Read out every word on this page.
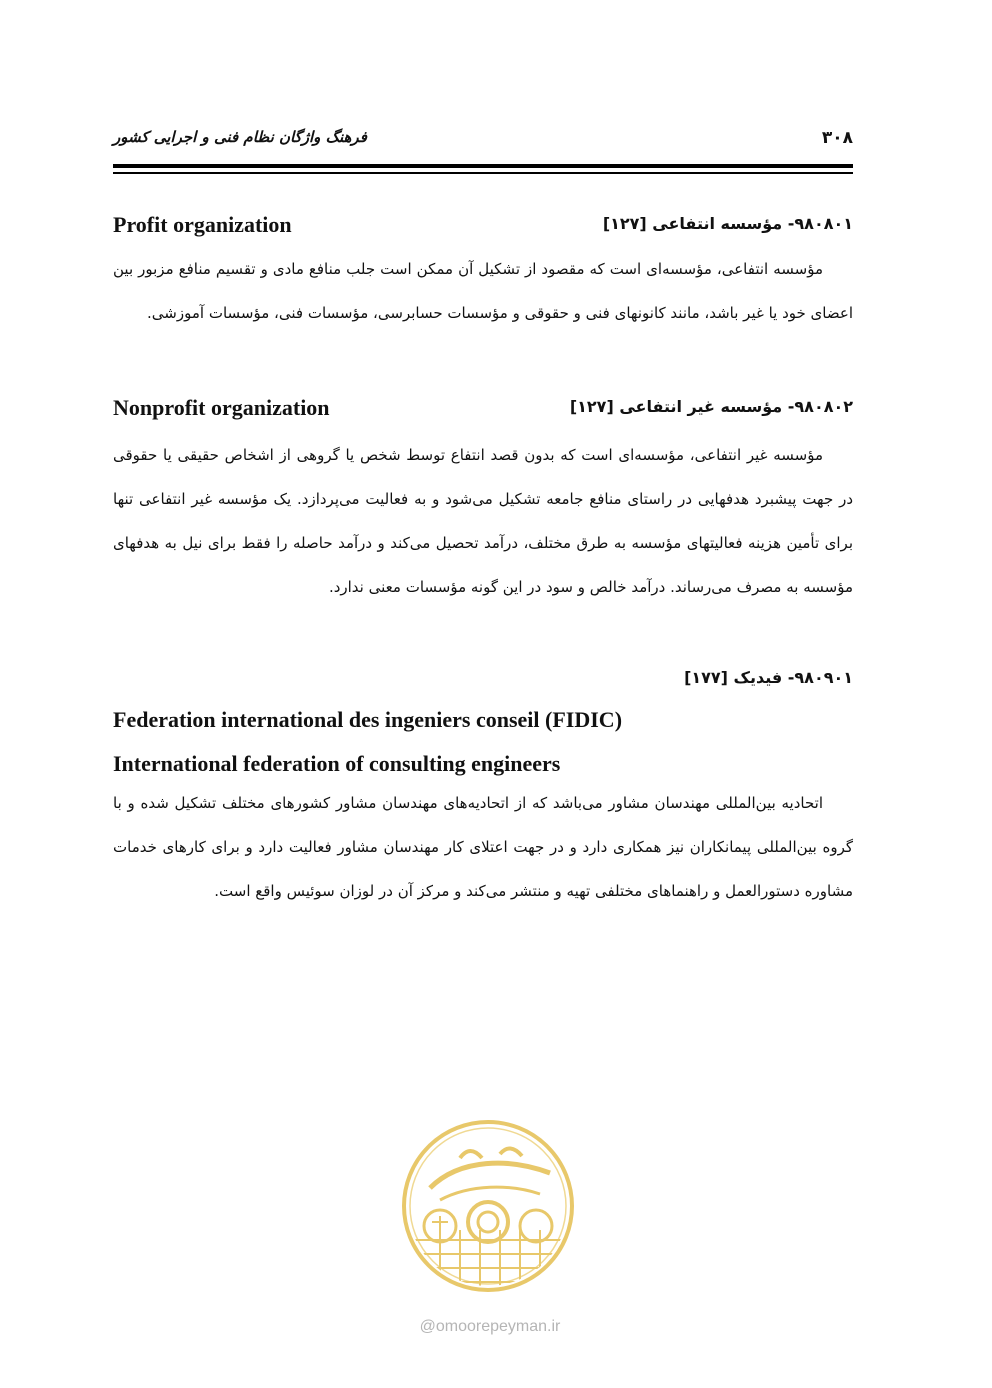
فرهنگ واژگان نظام فنی و اجرایی کشور	۳۰۸
Profit organization	۹۸۰۸۰۱- مؤسسه انتفاعی [۱۲۷]
مؤسسه انتفاعی، مؤسسه‌ای است که مقصود از تشکیل آن ممکن است جلب منافع مادی و تقسیم منافع مزبور بین اعضای خود یا غیر باشد، مانند کانونهای فنی و حقوقی و مؤسسات حسابرسی، مؤسسات فنی، مؤسسات آموزشی.
Nonprofit organization	۹۸۰۸۰۲- مؤسسه غیر انتفاعی [۱۲۷]
مؤسسه غیر انتفاعی، مؤسسه‌ای است که بدون قصد انتفاع توسط شخص یا گروهی از اشخاص حقیقی یا حقوقی در جهت پیشبرد هدفهایی در راستای منافع جامعه تشکیل می‌شود و به فعالیت می‌پردازد. یک مؤسسه غیر انتفاعی تنها برای تأمین هزینه فعالیتهای مؤسسه به طرق مختلف، درآمد تحصیل می‌کند و درآمد حاصله را فقط برای نیل به هدفهای مؤسسه به مصرف می‌رساند. درآمد خالص و سود در این گونه مؤسسات معنی ندارد.
۹۸۰۹۰۱- فیدیک [۱۷۷]
Federation international des ingeniers conseil (FIDIC)
International federation of consulting engineers
اتحادیه بین‌المللی مهندسان مشاور می‌باشد که از اتحادیه‌های مهندسان مشاور کشورهای مختلف تشکیل شده و با گروه بین‌المللی پیمانکاران نیز همکاری دارد و در جهت اعتلای کار مهندسان مشاور فعالیت دارد و برای کارهای خدمات مشاوره دستورالعمل و راهنماهای مختلفی تهیه و منتشر می‌کند و مرکز آن در لوزان سوئیس واقع است.
@omoorepeyman.ir
